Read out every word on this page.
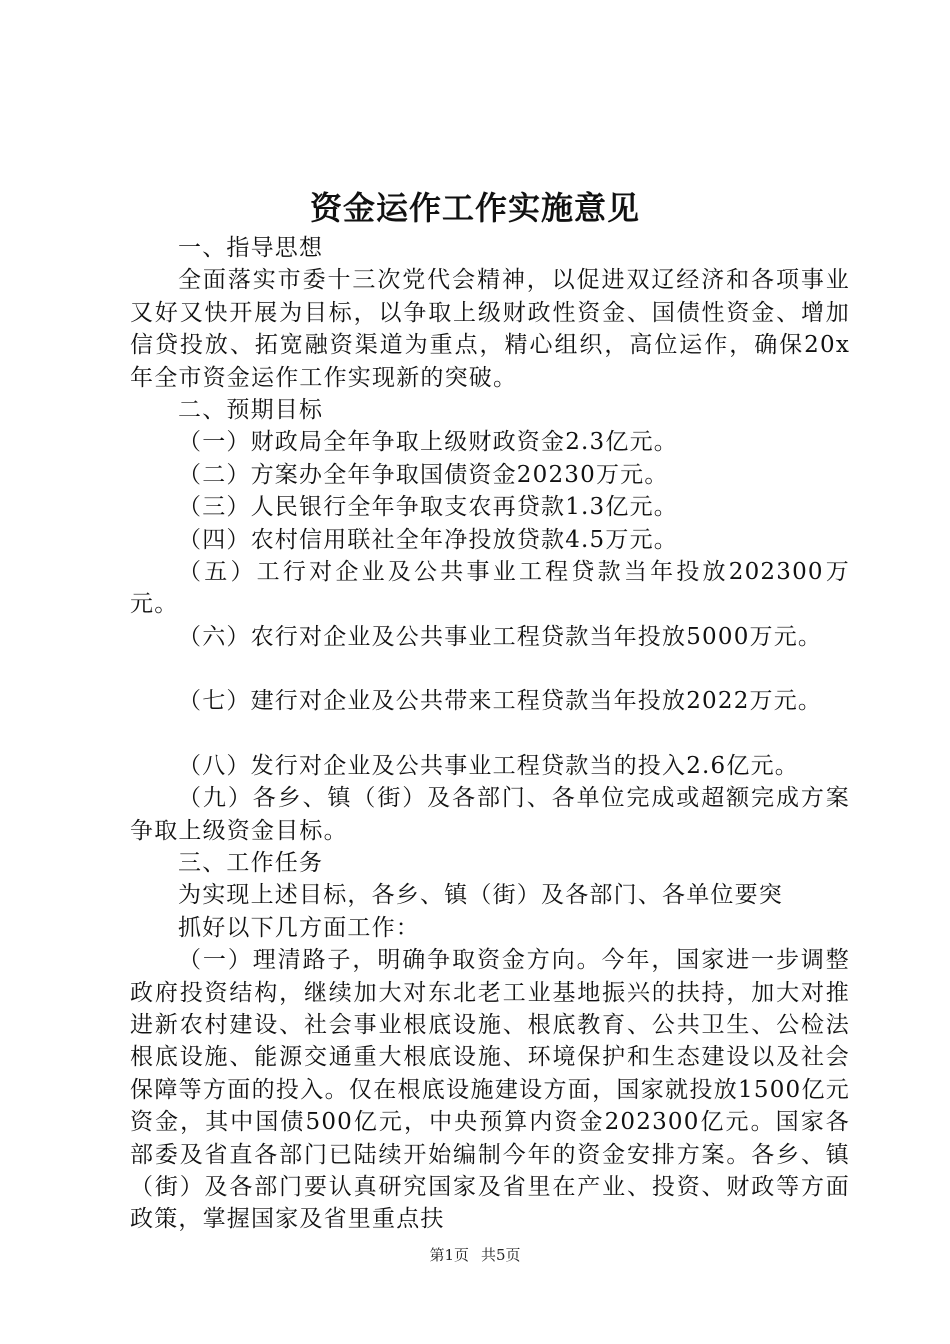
资金运作工作实施意见

一、指导思想

全面落实市委十三次党代会精神，以促进双辽经济和各项事业又好又快开展为目标，以争取上级财政性资金、国债性资金、增加信贷投放、拓宽融资渠道为重点，精心组织，高位运作，确保20x年全市资金运作工作实现新的突破。

二、预期目标

（一）财政局全年争取上级财政资金2.3亿元。

（二）方案办全年争取国债资金20230万元。

（三）人民银行全年争取支农再贷款1.3亿元。

（四）农村信用联社全年净投放贷款4.5万元。

（五）工行对企业及公共事业工程贷款当年投放202300万元。

（六）农行对企业及公共事业工程贷款当年投放5000万元。

（七）建行对企业及公共带来工程贷款当年投放2022万元。

（八）发行对企业及公共事业工程贷款当的投入2.6亿元。

（九）各乡、镇（街）及各部门、各单位完成或超额完成方案争取上级资金目标。

三、工作任务

为实现上述目标，各乡、镇（街）及各部门、各单位要突

抓好以下几方面工作：

（一）理清路子，明确争取资金方向。今年，国家进一步调整政府投资结构，继续加大对东北老工业基地振兴的扶持，加大对推进新农村建设、社会事业根底设施、根底教育、公共卫生、公检法根底设施、能源交通重大根底设施、环境保护和生态建设以及社会保障等方面的投入。仅在根底设施建设方面，国家就投放1500亿元资金，其中国债500亿元，中央预算内资金202300亿元。国家各部委及省直各部门已陆续开始编制今年的资金安排方案。各乡、镇（街）及各部门要认真研究国家及省里在产业、投资、财政等方面政策，掌握国家及省里重点扶

第1页 共5页
